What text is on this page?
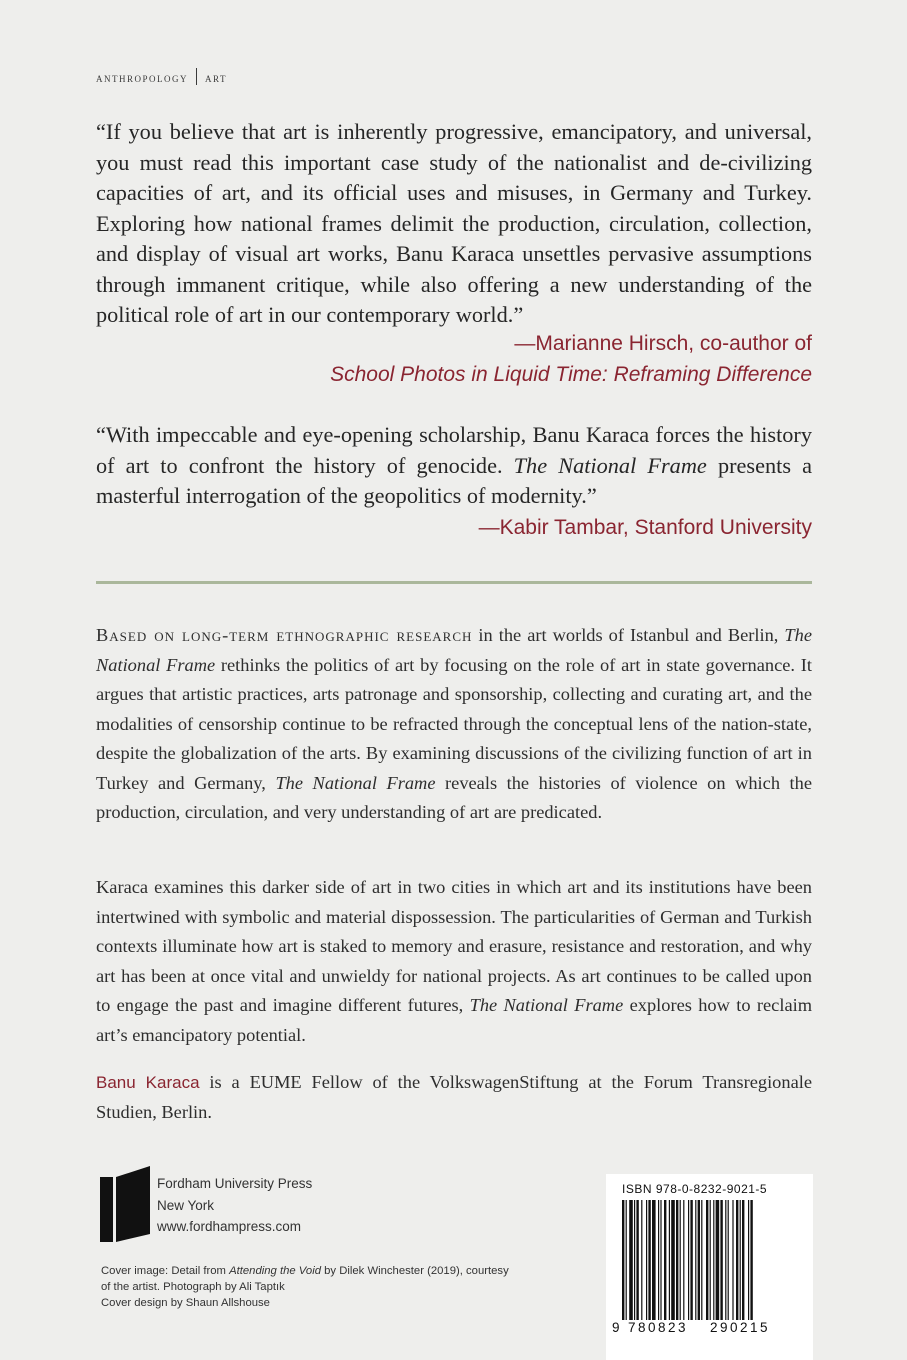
anthropology art

“If you believe that art is inherently progressive, emancipatory, and universal, you must read this important case study of the nationalist and de-civilizing capacities of art, and its official uses and misuses, in Germany and Turkey. Exploring how national frames delimit the production, circulation, collection, and display of visual art works, Banu Karaca unsettles pervasive assumptions through immanent critique, while also offering a new understanding of the political role of art in our contemporary world.”

—Marianne Hirsch, co-author of
School Photos in Liquid Time: Reframing Difference

“With impeccable and eye-opening scholarship, Banu Karaca forces the history of art to confront the history of genocide. The National Frame presents a masterful interrogation of the geopolitics of modernity.”

—Kabir Tambar, Stanford University

Based on long-term ethnographic research in the art worlds of Istanbul and Berlin, The National Frame rethinks the politics of art by focusing on the role of art in state governance. It argues that artistic practices, arts patronage and sponsorship, collecting and curating art, and the modalities of censorship continue to be refracted through the conceptual lens of the nation-state, despite the globalization of the arts. By examining discussions of the civilizing function of art in Turkey and Germany, The National Frame reveals the histories of violence on which the production, circulation, and very understanding of art are predicated.

Karaca examines this darker side of art in two cities in which art and its institutions have been intertwined with symbolic and material dispossession. The particularities of German and Turkish contexts illuminate how art is staked to memory and erasure, resistance and restoration, and why art has been at once vital and unwieldy for national projects. As art continues to be called upon to engage the past and imagine different futures, The National Frame explores how to reclaim art’s emancipatory potential.

Banu Karaca is a EUME Fellow of the VolkswagenStiftung at the Forum Transregionale Studien, Berlin.

Fordham University Press
New York
www.fordhampress.com
Cover image: Detail from Attending the Void by Dilek Winchester (2019), courtesy of the artist. Photograph by Ali Taptık
Cover design by Shaun Allshouse
ISBN 978-0-8232-9021-5
9 780823 290215
